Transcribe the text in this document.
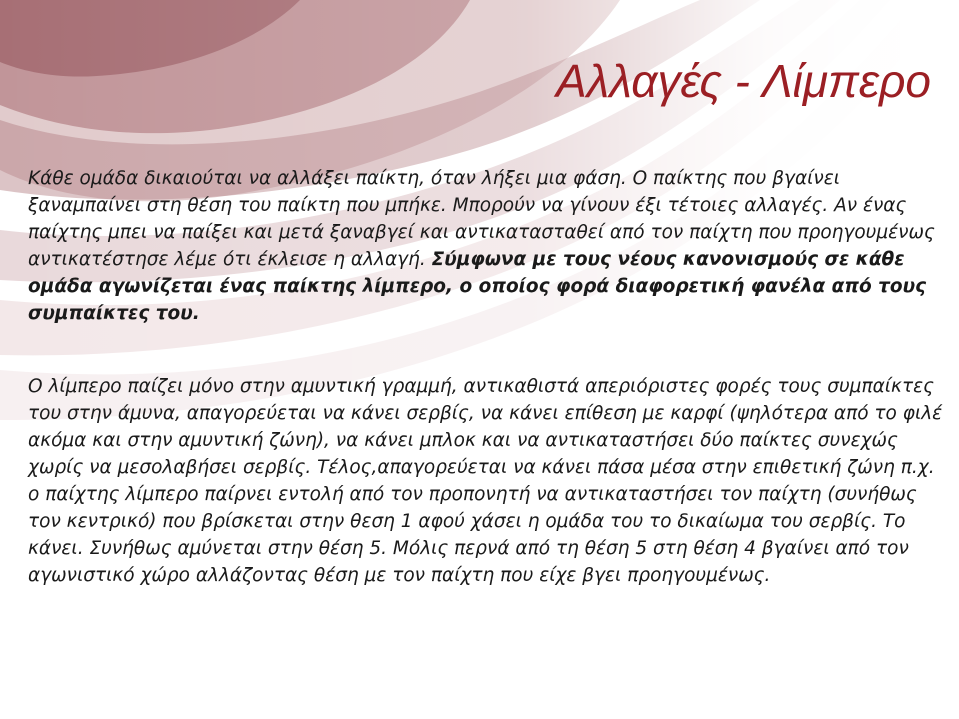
Αλλαγές - Λίμπερο

Κάθε ομάδα δικαιούται να αλλάξει παίκτη, όταν λήξει μια φάση. Ο παίκτης που βγαίνει ξαναμπαίνει στη θέση του παίκτη που μπήκε. Μπορούν να γίνουν έξι τέτοιες αλλαγές. Αν ένας παίχτης μπει να παίξει και μετά ξαναβγεί και αντικατασταθεί από τον παίχτη που προηγουμένως αντικατέστησε λέμε ότι έκλεισε η αλλαγή. Σύμφωνα με τους νέους κανονισμούς σε κάθε ομάδα αγωνίζεται ένας παίκτης λίμπερο, ο οποίος φορά διαφορετική φανέλα από τους συμπαίκτες του.

Ο λίμπερο παίζει μόνο στην αμυντική γραμμή, αντικαθιστά απεριόριστες φορές τους συμπαίκτες του στην άμυνα, απαγορεύεται να κάνει σερβίς, να κάνει επίθεση με καρφί (ψηλότερα από το φιλέ ακόμα και στην αμυντική ζώνη), να κάνει μπλοκ και να αντικαταστήσει δύο παίκτες συνεχώς χωρίς να μεσολαβήσει σερβίς. Τέλος,απαγορεύεται να κάνει πάσα μέσα στην επιθετική ζώνη π.χ. ο παίχτης λίμπερο παίρνει εντολή από τον προπονητή να αντικαταστήσει τον παίχτη (συνήθως τον κεντρικό) που βρίσκεται στην θεση 1 αφού χάσει η ομάδα του το δικαίωμα του σερβίς. Το κάνει. Συνήθως αμύνεται στην θέση 5. Μόλις περνά από τη θέση 5 στη θέση 4 βγαίνει από τον αγωνιστικό χώρο αλλάζοντας θέση με τον παίχτη που είχε βγει προηγουμένως.
